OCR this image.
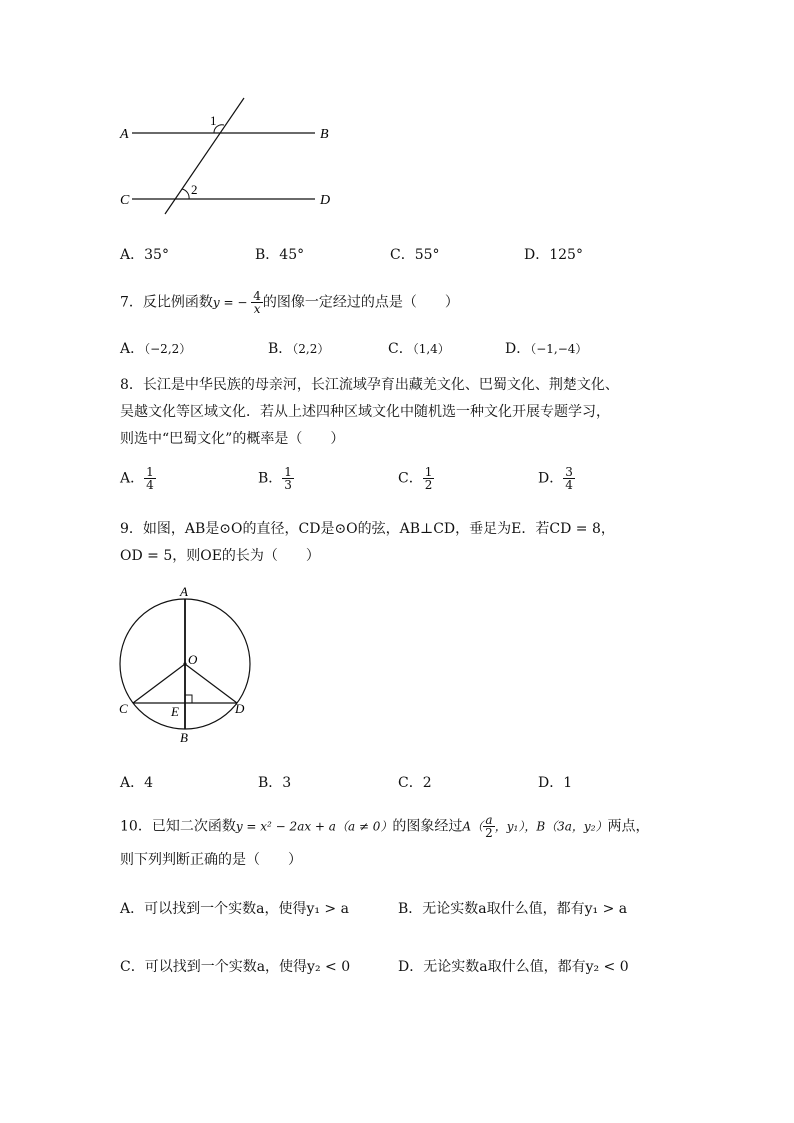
A	B
C	D
1
2
A．35°	B．45°	C．55°	D．125°
7．反比例函数y = − $\frac{4}{x}$ 的图像一定经过的点是（　　）
A．（−2,2）	B．（2,2）	C．（1,4）	D．（−1,−4）
8．长江是中华民族的母亲河，长江流域孕育出藏羌文化、巴蜀文化、荆楚文化、
吴越文化等区域文化．若从上述四种区域文化中随机选一种文化开展专题学习，
则选中“巴蜀文化”的概率是（　　）
A． $\frac{1}{4}$	B． $\frac{1}{3}$	C． $\frac{1}{2}$	D． $\frac{3}{4}$
9．如图，AB是⊙O的直径，CD是⊙O的弦，AB⊥CD，垂足为E．若CD = 8，
OD = 5，则OE的长为（　　）
A
O
C	E	D
B
A．4	B．3	C．2	D．1
10．已知二次函数y = x² − 2ax + a（a ≠ 0）的图象经过$A( \frac{a}{2}$ ，y₁），B（3a，y₂）两点，
则下列判断正确的是（　　）
A．可以找到一个实数a，使得y₁ > a	B．无论实数a取什么值，都有y₁ > a
C．可以找到一个实数a，使得y₂ < 0	D．无论实数a取什么值，都有y₂ < 0
